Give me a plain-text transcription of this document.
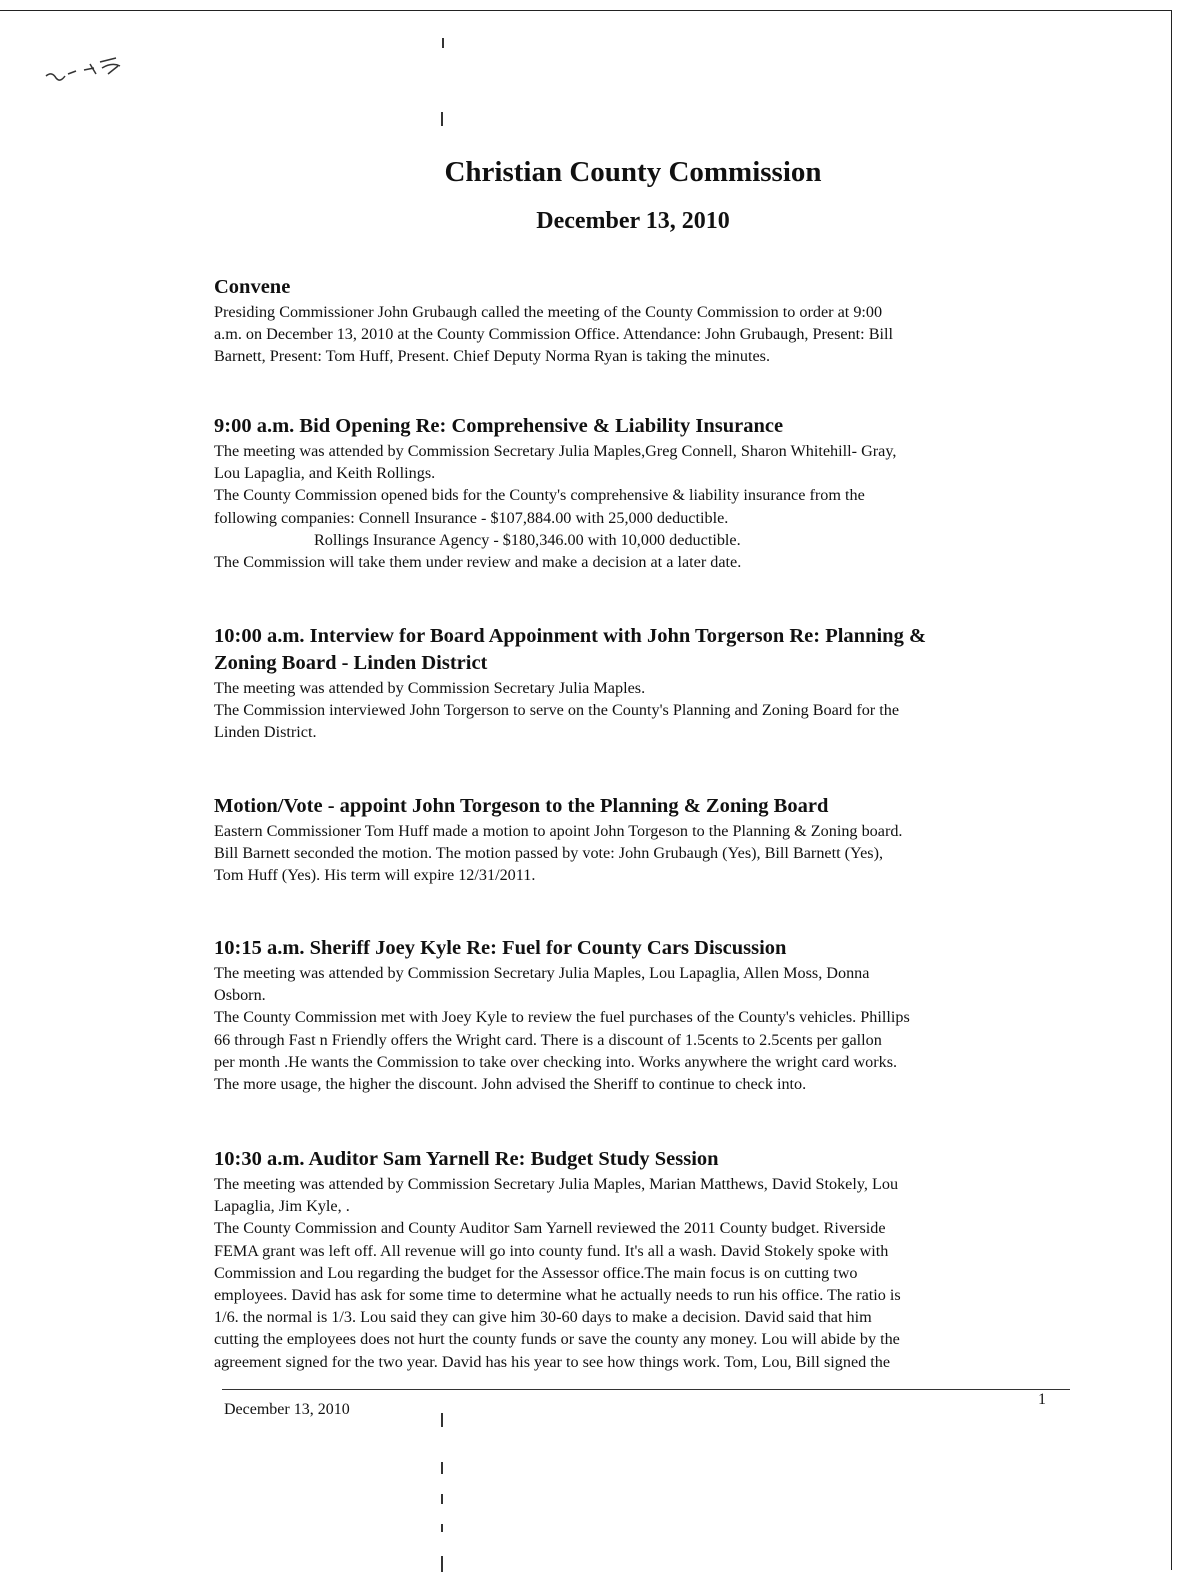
Christian County Commission
December 13, 2010
Convene
Presiding Commissioner John Grubaugh called the meeting of the County Commission to order at 9:00
a.m. on December 13, 2010 at the County Commission Office. Attendance: John Grubaugh, Present: Bill
Barnett, Present: Tom Huff, Present. Chief Deputy Norma Ryan is taking the minutes.
9:00 a.m. Bid Opening Re: Comprehensive & Liability Insurance
The meeting was attended by Commission Secretary Julia Maples,Greg Connell, Sharon Whitehill- Gray,
Lou Lapaglia, and Keith Rollings.
The County Commission opened bids for the County's comprehensive & liability insurance from the
following companies: Connell Insurance - $107,884.00 with 25,000 deductible.
Rollings Insurance Agency - $180,346.00 with 10,000 deductible.
The Commission will take them under review and make a decision at a later date.
10:00 a.m. Interview for Board Appoinment with John Torgerson Re: Planning &
Zoning Board - Linden District
The meeting was attended by Commission Secretary Julia Maples.
The Commission interviewed John Torgerson to serve on the County's Planning and Zoning Board for the
Linden District.
Motion/Vote - appoint John Torgeson to the Planning & Zoning Board
Eastern Commissioner Tom Huff made a motion to apoint John Torgeson to the Planning & Zoning board.
Bill Barnett seconded the motion. The motion passed by vote: John Grubaugh (Yes), Bill Barnett (Yes),
Tom Huff (Yes). His term will expire 12/31/2011.
10:15 a.m. Sheriff Joey Kyle Re: Fuel for County Cars Discussion
The meeting was attended by Commission Secretary Julia Maples, Lou Lapaglia, Allen Moss, Donna
Osborn.
The County Commission met with Joey Kyle to review the fuel purchases of the County's vehicles. Phillips
66 through Fast n Friendly offers the Wright card. There is a discount of 1.5cents to 2.5cents per gallon
per month .He wants the Commission to take over checking into. Works anywhere the wright card works.
The more usage, the higher the discount. John advised the Sheriff to continue to check into.
10:30 a.m. Auditor Sam Yarnell Re: Budget Study Session
The meeting was attended by Commission Secretary Julia Maples, Marian Matthews, David Stokely, Lou
Lapaglia, Jim Kyle, .
The County Commission and County Auditor Sam Yarnell reviewed the 2011 County budget. Riverside
FEMA grant was left off. All revenue will go into county fund. It's all a wash. David Stokely spoke with
Commission and Lou regarding the budget for the Assessor office.The main focus is on cutting two
employees. David has ask for some time to determine what he actually needs to run his office. The ratio is
1/6. the normal is 1/3. Lou said they can give him 30-60 days to make a decision. David said that him
cutting the employees does not hurt the county funds or save the county any money. Lou will abide by the
agreement signed for the two year. David has his year to see how things work. Tom, Lou, Bill signed the
December 13, 2010
1
